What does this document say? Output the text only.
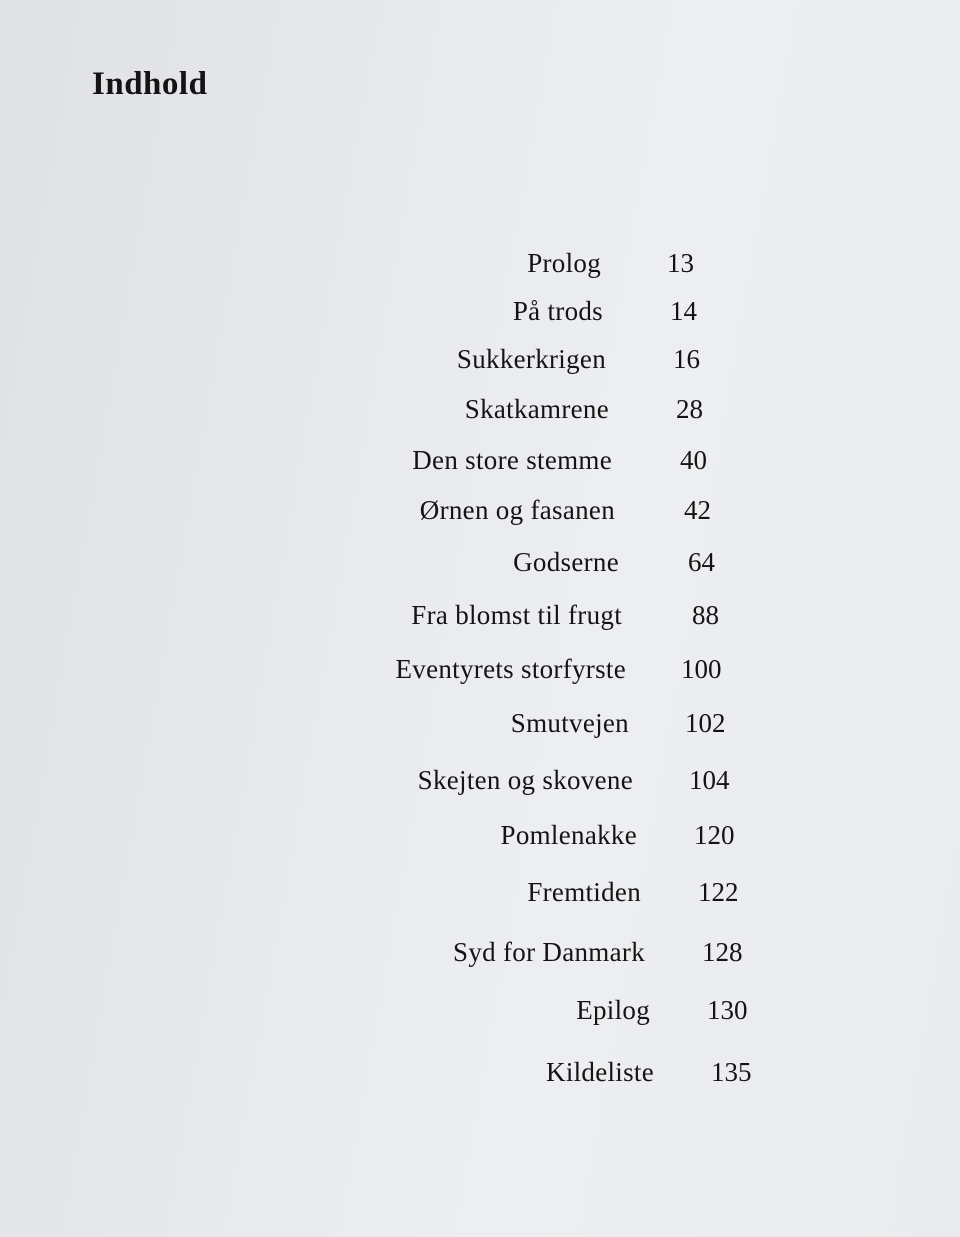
Indhold
Prolog 13
På trods 14
Sukkerkrigen 16
Skatkamrene 28
Den store stemme	40
Ørnen og fasanen	42
Godserne	64
Fra blomst til frugt	88
Eventyrets storfyrste 100
Smutvejen 102
Skejten og skovene 104
Pomlenakke 120
Fremtiden 122
Syd for Danmark 128
Epilog 130
Kildeliste 135
